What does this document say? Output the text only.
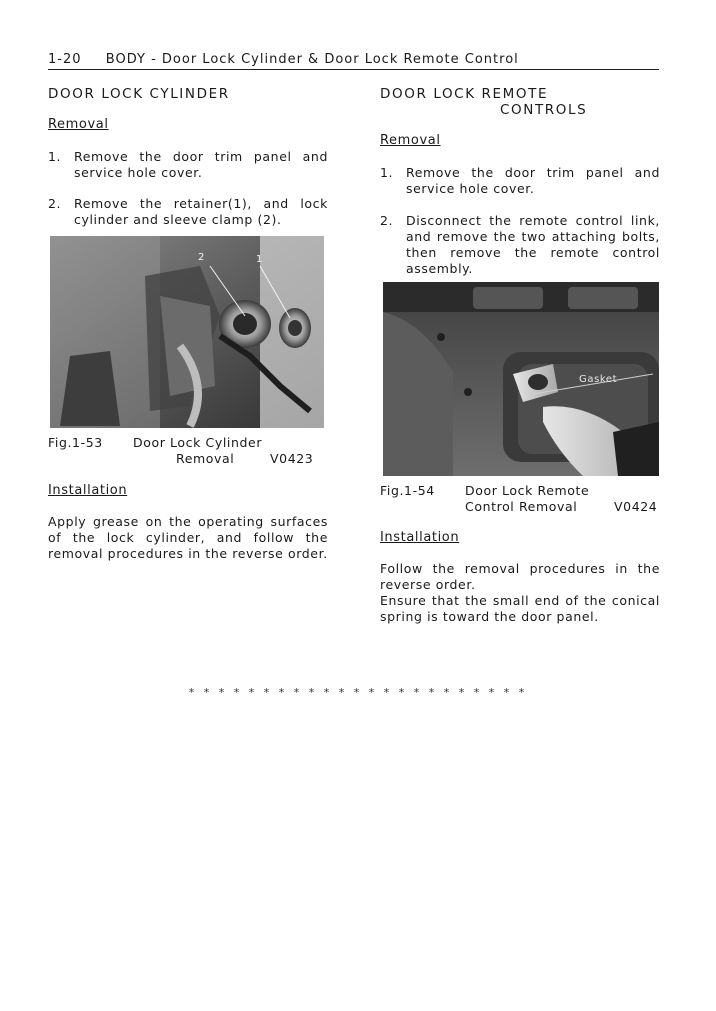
1-20 BODY - Door Lock Cylinder & Door Lock Remote Control
DOOR LOCK CYLINDER
Removal
1.	Remove the door trim panel and service hole cover.
2.	Remove the retainer(1), and lock cylinder and sleeve clamp (2).
2	1
Fig.1-53 Door Lock Cylinder
Removal	V0423
Installation
Apply grease on the operating surfaces of the lock cylinder, and follow the removal procedures in the reverse order.
DOOR LOCK REMOTE
CONTROLS
Removal
1.	Remove the door trim panel and service hole cover.
2.	Disconnect the remote control link, and remove the two attaching bolts, then remove the remote control assembly.
Gasket
Fig.1-54 Door Lock Remote
Control Removal	V0424
Installation
Follow the removal procedures in the reverse order.
Ensure that the small end of the conical spring is toward the door panel.
* * * * * * * * * * * * * * * * * * * * * * *
